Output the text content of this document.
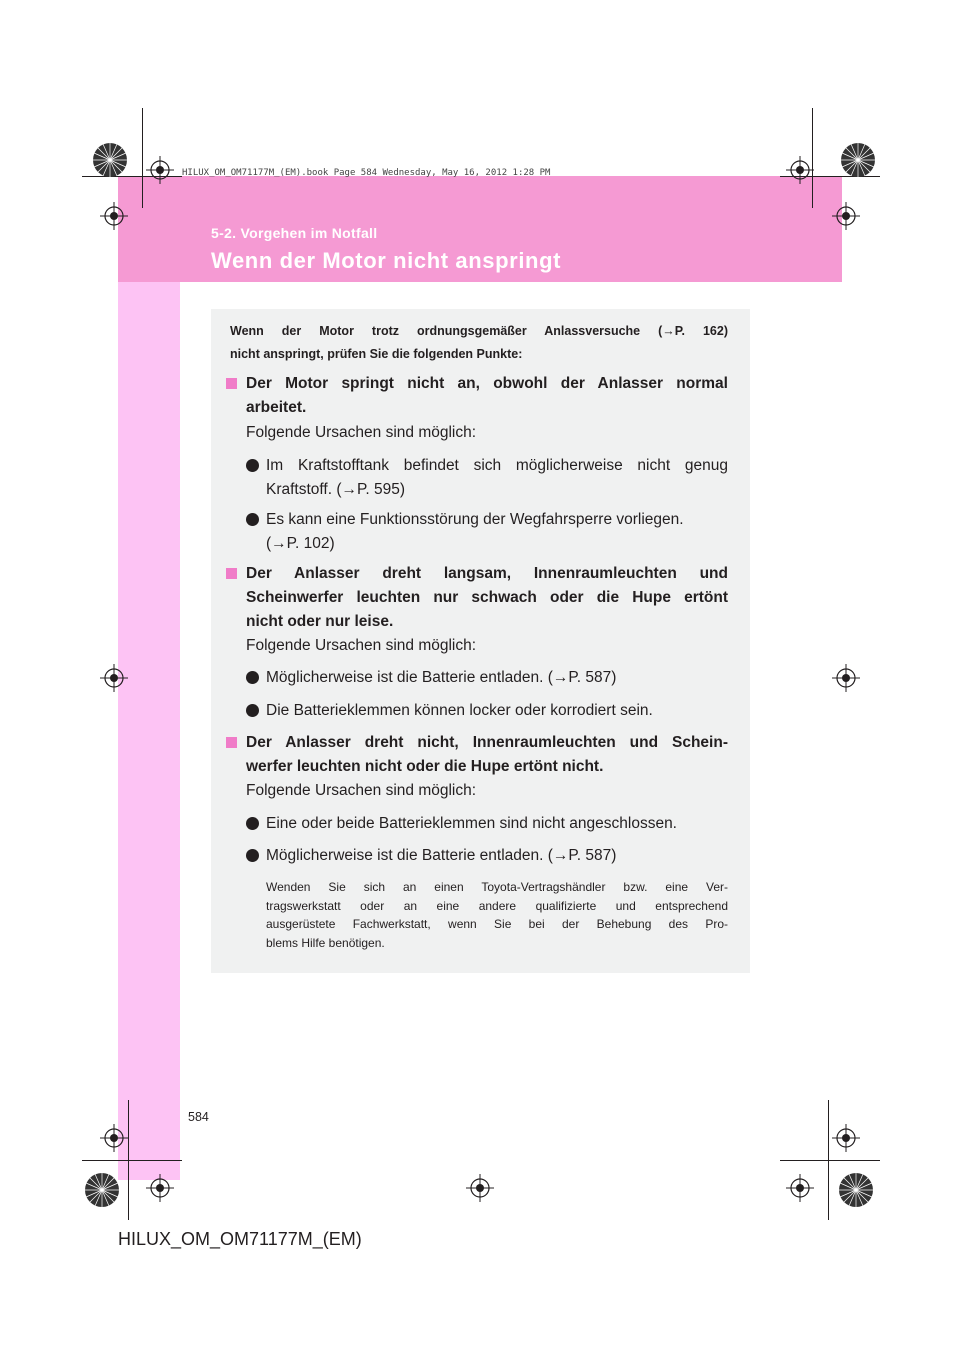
5-2. Vorgehen im Notfall
Wenn der Motor nicht anspringt
HILUX_OM_OM71177M_(EM).book Page 584 Wednesday, May 16, 2012 1:28 PM
Wenn der Motor trotz ordnungsgemäßer Anlassversuche (→P. 162)
nicht anspringt, prüfen Sie die folgenden Punkte:
Der Motor springt nicht an, obwohl der Anlasser normal
arbeitet.
Folgende Ursachen sind möglich:
Im Kraftstofftank befindet sich möglicherweise nicht genug
Kraftstoff. (→P. 595)
Es kann eine Funktionsstörung der Wegfahrsperre vorliegen.
(→P. 102)
Der Anlasser dreht langsam, Innenraumleuchten und
Scheinwerfer leuchten nur schwach oder die Hupe ertönt
nicht oder nur leise.
Folgende Ursachen sind möglich:
Möglicherweise ist die Batterie entladen. (→P. 587)
Die Batterieklemmen können locker oder korrodiert sein.
Der Anlasser dreht nicht, Innenraumleuchten und Schein-
werfer leuchten nicht oder die Hupe ertönt nicht.
Folgende Ursachen sind möglich:
Eine oder beide Batterieklemmen sind nicht angeschlossen.
Möglicherweise ist die Batterie entladen. (→P. 587)
Wenden Sie sich an einen Toyota-Vertragshändler bzw. eine Ver-
tragswerkstatt oder an eine andere qualifizierte und entsprechend
ausgerüstete Fachwerkstatt, wenn Sie bei der Behebung des Pro-
blems Hilfe benötigen.
584
HILUX_OM_OM71177M_(EM)
